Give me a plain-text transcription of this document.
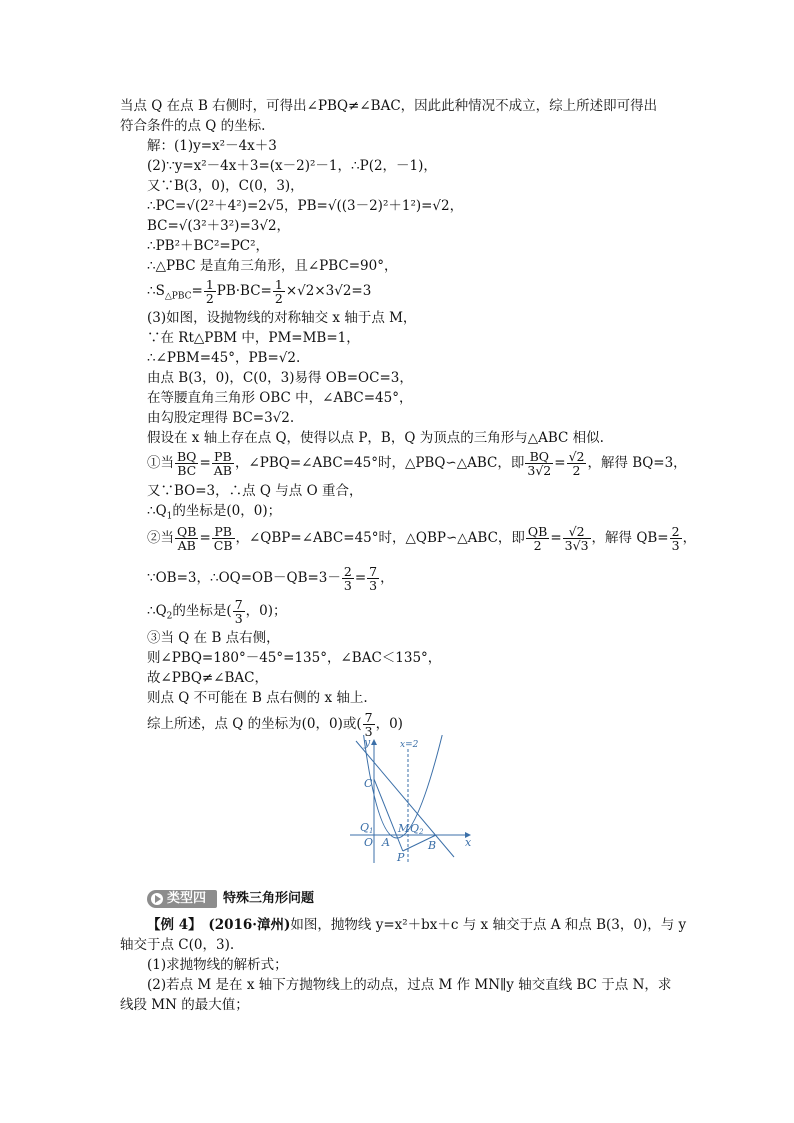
当点 Q 在点 B 右侧时，可得出∠PBQ≠∠BAC，因此此种情况不成立，综上所述即可得出
符合条件的点 Q 的坐标.
解：(1)y=x²－4x＋3
(2)∵y=x²－4x＋3=(x－2)²－1，∴P(2，－1)，
又∵B(3，0)，C(0，3)，
∴PC=√(2²＋4²)=2√5，PB=√((3－2)²＋1²)=√2，
BC=√(3²＋3²)=3√2，
∴PB²＋BC²=PC²，
∴△PBC 是直角三角形，且∠PBC=90°，
$\therefore S_{\triangle PBC}= \frac{1}{2} PB\cdot BC= \frac{1}{2} \times√2\times 3√2=3$
(3)如图，设抛物线的对称轴交 x 轴于点 M，
∵在 Rt△PBM 中，PM=MB=1，
∴∠PBM=45°，PB=√2.
由点 B(3，0)，C(0，3)易得 OB=OC=3，
在等腰直角三角形 OBC 中，∠ABC=45°，
由勾股定理得 BC=3√2.
假设在 x 轴上存在点 Q，使得以点 P，B，Q 为顶点的三角形与△ABC 相似.
①当 $\frac{BQ}{BC} = \frac{PB}{AB}$ ，∠PBQ=∠ABC=45°时，△PBQ∽△ABC，即 $\frac{BQ}{3√2} = \frac{√2}{2}$ ，解得 BQ=3，
又∵BO=3，∴点 Q 与点 O 重合，
$\therefore Q_1$的坐标是(0，0)；
②当 $\frac{QB}{AB} = \frac{PB}{CB}$ ，∠QBP=∠ABC=45°时，△QBP∽△ABC，即 $\frac{QB}{2} = \frac{√2}{3√3}$ ，解得 $QB= \frac{2}{3}$ ，
∵OB=3，∴OQ=OB－QB=3－ $\frac{2}{3} = \frac{7}{3}$ ，
$\therefore Q_2$的坐标是( $\frac{7}{3}$ ，0)；
③当 Q 在 B 点右侧，
则∠PBQ=180°－45°=135°，∠BAC＜135°，
故∠PBQ≠∠BAC，
则点 Q 不可能在 B 点右侧的 x 轴上.
综上所述，点 Q 的坐标为(0，0)或( $\frac{7}{3}$ ，0)
y
x
x=2
C
Q1
O
M Q2
A	B
P
类型四 特殊三角形问题
【例 4】　 (2016·漳州)如图，抛物线 y=x²＋bx＋c 与 x 轴交于点 A 和点 B(3，0)，与 y
轴交于点 C(0，3).
(1)求抛物线的解析式；
(2)若点 M 是在 x 轴下方抛物线上的动点，过点 M 作 MN∥y 轴交直线 BC 于点 N，求
线段 MN 的最大值；
